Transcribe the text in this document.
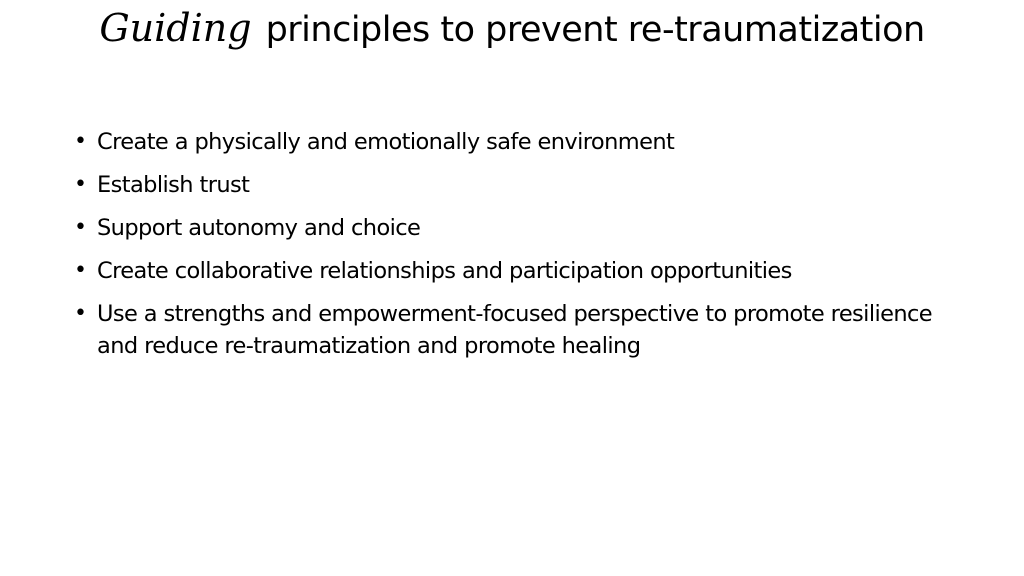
Guiding principles to prevent re-traumatization
• Create a physically and emotionally safe environment
• Establish trust
• Support autonomy and choice
• Create collaborative relationships and participation opportunities
• Use a strengths and empowerment-focused perspective to promote resilience and reduce re-traumatization and promote healing
